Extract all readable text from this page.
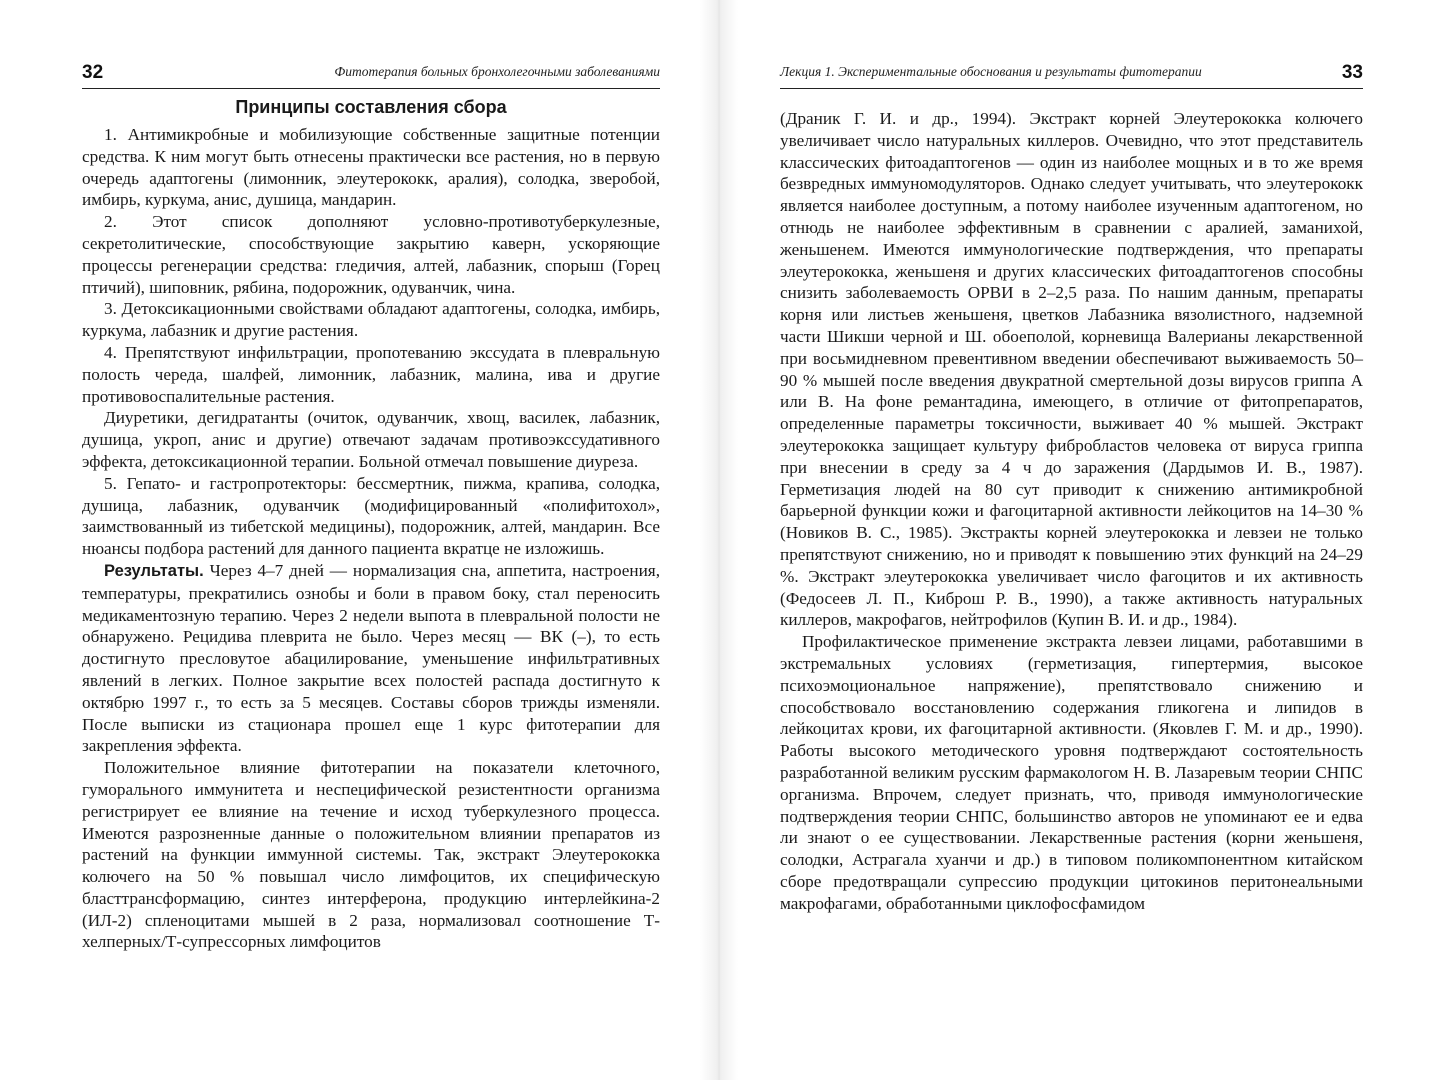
32	Фитотерапия больных бронхолегочными заболеваниями
Принципы составления сбора

1. Антимикробные и мобилизующие собственные защитные потенции средства. К ним могут быть отнесены практически все растения, но в первую очередь адаптогены (лимонник, элеутерококк, аралия), солодка, зверобой, имбирь, куркума, анис, душица, мандарин.

2. Этот список дополняют условно-противотуберкулезные, секретолитические, способствующие закрытию каверн, ускоряющие процессы регенерации средства: гледичия, алтей, лабазник, спорыш (Горец птичий), шиповник, рябина, подорожник, одуванчик, чина.

3. Детоксикационными свойствами обладают адаптогены, солодка, имбирь, куркума, лабазник и другие растения.

4. Препятствуют инфильтрации, пропотеванию экссудата в плевральную полость череда, шалфей, лимонник, лабазник, малина, ива и другие противовоспалительные растения.

Диуретики, дегидратанты (очиток, одуванчик, хвощ, василек, лабазник, душица, укроп, анис и другие) отвечают задачам противоэкссудативного эффекта, детоксикационной терапии. Больной отмечал повышение диуреза.

5. Гепато- и гастропротекторы: бессмертник, пижма, крапива, солодка, душица, лабазник, одуванчик (модифицированный «полифитохол», заимствованный из тибетской медицины), подорожник, алтей, мандарин. Все нюансы подбора растений для данного пациента вкратце не изложишь.

Результаты. Через 4–7 дней — нормализация сна, аппетита, настроения, температуры, прекратились ознобы и боли в правом боку, стал переносить медикаментозную терапию. Через 2 недели выпота в плевральной полости не обнаружено. Рецидива плеврита не было. Через месяц — ВК (–), то есть достигнуто пресловутое абацилирование, уменьшение инфильтративных явлений в легких. Полное закрытие всех полостей распада достигнуто к октябрю 1997 г., то есть за 5 месяцев. Составы сборов трижды изменяли. После выписки из стационара прошел еще 1 курс фитотерапии для закрепления эффекта.

Положительное влияние фитотерапии на показатели клеточного, гуморального иммунитета и неспецифической резистентности организма регистрирует ее влияние на течение и исход туберкулезного процесса. Имеются разрозненные данные о положительном влиянии препаратов из растений на функции иммунной системы. Так, экстракт Элеутерококка колючего на 50 % повышал число лимфоцитов, их специфическую бласттрансформацию, синтез интерферона, продукцию интерлейкина-2 (ИЛ-2) спленоцитами мышей в 2 раза, нормализовал соотношение Т-хелперных/Т-супрессорных лимфоцитов

Лекция 1. Экспериментальные обоснования и результаты фитотерапии	33

(Драник Г. И. и др., 1994). Экстракт корней Элеутерококка колючего увеличивает число натуральных киллеров. Очевидно, что этот представитель классических фитоадаптогенов — один из наиболее мощных и в то же время безвредных иммуномодуляторов. Однако следует учитывать, что элеутерококк является наиболее доступным, а потому наиболее изученным адаптогеном, но отнюдь не наиболее эффективным в сравнении с аралией, заманихой, женьшенем. Имеются иммунологические подтверждения, что препараты элеутерококка, женьшеня и других классических фитоадаптогенов способны снизить заболеваемость ОРВИ в 2–2,5 раза. По нашим данным, препараты корня или листьев женьшеня, цветков Лабазника вязолистного, надземной части Шикши черной и Ш. обоеполой, корневища Валерианы лекарственной при восьмидневном превентивном введении обеспечивают выживаемость 50–90 % мышей после введения двукратной смертельной дозы вирусов гриппа A или B. На фоне ремантадина, имеющего, в отличие от фитопрепаратов, определенные параметры токсичности, выживает 40 % мышей. Экстракт элеутерококка защищает культуру фибробластов человека от вируса гриппа при внесении в среду за 4 ч до заражения (Дардымов И. В., 1987). Герметизация людей на 80 сут приводит к снижению антимикробной барьерной функции кожи и фагоцитарной активности лейкоцитов на 14–30 % (Новиков В. С., 1985). Экстракты корней элеутерококка и левзеи не только препятствуют снижению, но и приводят к повышению этих функций на 24–29 %. Экстракт элеутерококка увеличивает число фагоцитов и их активность (Федосеев Л. П., Киброш Р. В., 1990), а также активность натуральных киллеров, макрофагов, нейтрофилов (Купин В. И. и др., 1984).

Профилактическое применение экстракта левзеи лицами, работавшими в экстремальных условиях (герметизация, гипертермия, высокое психоэмоциональное напряжение), препятствовало снижению и способствовало восстановлению содержания гликогена и липидов в лейкоцитах крови, их фагоцитарной активности. (Яковлев Г. М. и др., 1990). Работы высокого методического уровня подтверждают состоятельность разработанной великим русским фармакологом Н. В. Лазаревым теории СНПС организма. Впрочем, следует признать, что, приводя иммунологические подтверждения теории СНПС, большинство авторов не упоминают ее и едва ли знают о ее существовании. Лекарственные растения (корни женьшеня, солодки, Астрагала хуанчи и др.) в типовом поликомпонентном китайском сборе предотвращали супрессию продукции цитокинов перитонеальными макрофагами, обработанными циклофосфамидом
